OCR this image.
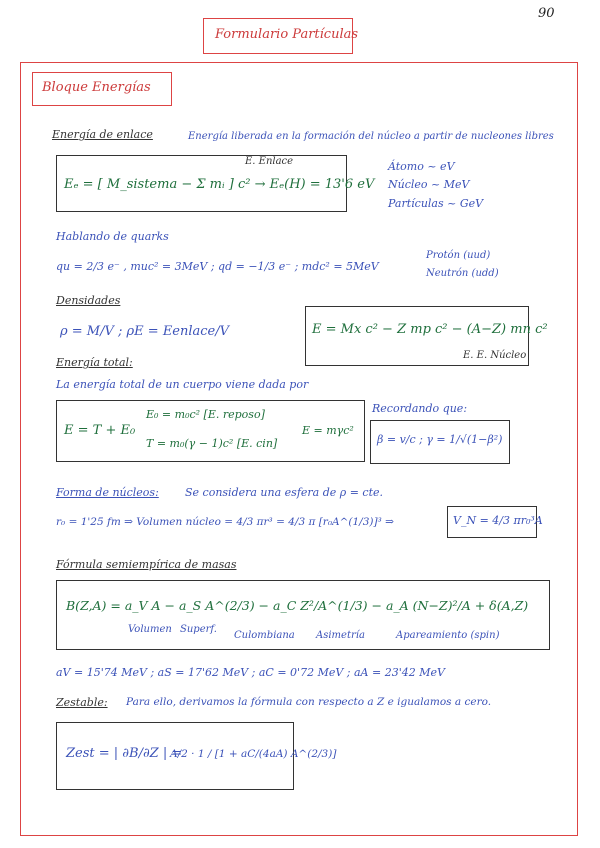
90
Formulario Partículas
Bloque Energías
Energía de enlace	Energía liberada en la formación del núcleo a partir de nucleones libres
E. Enlace
Eₑ = [ M_sistema − Σ mᵢ ] c² → Eₑ(H) = 13'6 eV
Átomo ~ eV
Núcleo ~ MeV
Partículas ~ GeV
Hablando de quarks
qu = 2/3 e⁻ , muc² = 3MeV ; qd = −1/3 e⁻ ; mdc² = 5MeV
Protón (uud)
Neutrón (udd)
Densidades
ρ = M/V ; ρE = Eenlace/V	E = Mx c² − Z mp c² − (A−Z) mn c²
E. E. Núcleo
Energía total:
La energía total de un cuerpo viene dada por
E = T + E₀
E₀ = m₀c² [E. reposo]
T = m₀(γ − 1)c² [E. cin]
E = mγc²
Recordando que:
β = v/c ; γ = 1/√(1−β²)
Forma de núcleos: Se considera una esfera de ρ = cte.
r₀ = 1'25 fm ⇒ Volumen núcleo = 4/3 πr³ = 4/3 π [r₀A^(1/3)]³ ⇒	V_N = 4/3 πr₀³A
Fórmula semiempírica de masas
B(Z,A) = a_V A − a_S A^(2/3) − a_C Z²/A^(1/3) − a_A (N−Z)²/A + δ(A,Z)
Volumen Superf.
Culombiana Asimetría	Apareamiento (spin)
aV = 15'74 MeV ; aS = 17'62 MeV ; aC = 0'72 MeV ; aA = 23'42 MeV
Zestable: Para ello, derivamos la fórmula con respecto a Z e igualamos a cero.
Zest = | ∂B/∂Z | =
A/2 · 1 / [1 + aC/(4aA) A^(2/3)]
